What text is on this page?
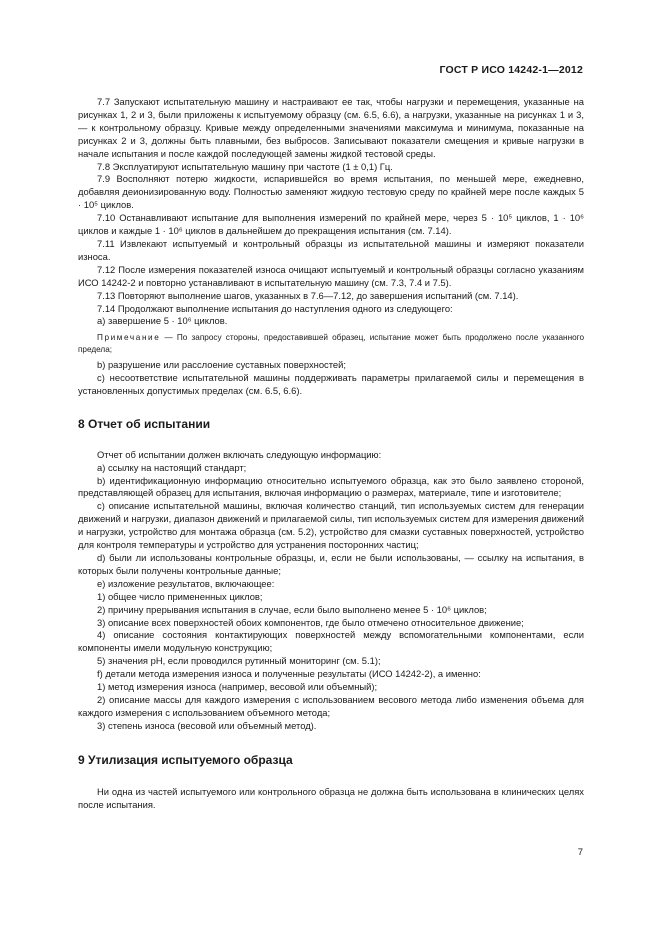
ГОСТ Р ИСО 14242-1—2012

7.7 Запускают испытательную машину и настраивают ее так, чтобы нагрузки и перемещения, указанные на рисунках 1, 2 и 3, были приложены к испытуемому образцу (см. 6.5, 6.6), а нагрузки, указанные на рисунках 1 и 3, — к контрольному образцу. Кривые между определенными значениями максимума и минимума, показанные на рисунках 2 и 3, должны быть плавными, без выбросов. Записывают показатели смещения и кривые нагрузки в начале испытания и после каждой последующей замены жидкой тестовой среды.

7.8 Эксплуатируют испытательную машину при частоте (1 ± 0,1) Гц.

7.9 Восполняют потерю жидкости, испарившейся во время испытания, по меньшей мере, ежедневно, добавляя деионизированную воду. Полностью заменяют жидкую тестовую среду по крайней мере после каждых 5 · 10⁵ циклов.

7.10 Останавливают испытание для выполнения измерений по крайней мере, через 5 · 10⁵ циклов, 1 · 10⁶ циклов и каждые 1 · 10⁶ циклов в дальнейшем до прекращения испытания (см. 7.14).

7.11 Извлекают испытуемый и контрольный образцы из испытательной машины и измеряют показатели износа.

7.12 После измерения показателей износа очищают испытуемый и контрольный образцы согласно указаниям ИСО 14242-2 и повторно устанавливают в испытательную машину (см. 7.3, 7.4 и 7.5).

7.13 Повторяют выполнение шагов, указанных в 7.6—7.12, до завершения испытаний (см. 7.14).

7.14 Продолжают выполнение испытания до наступления одного из следующего:

а) завершение 5 · 10⁶ циклов.

Примечание — По запросу стороны, предоставившей образец, испытание может быть продолжено после указанного предела;

b) разрушение или расслоение суставных поверхностей;

с) несоответствие испытательной машины поддерживать параметры прилагаемой силы и перемещения в установленных допустимых пределах (см. 6.5, 6.6).

8 Отчет об испытании

Отчет об испытании должен включать следующую информацию:

а) ссылку на настоящий стандарт;

b) идентификационную информацию относительно испытуемого образца, как это было заявлено стороной, представляющей образец для испытания, включая информацию о размерах, материале, типе и изготовителе;

с) описание испытательной машины, включая количество станций, тип используемых систем для генерации движений и нагрузки, диапазон движений и прилагаемой силы, тип используемых систем для измерения движений и нагрузки, устройство для монтажа образца (см. 5.2), устройство для смазки суставных поверхностей, устройство для контроля температуры и устройство для устранения посторонних частиц;

d) были ли использованы контрольные образцы, и, если не были использованы, — ссылку на испытания, в которых были получены контрольные данные;

е) изложение результатов, включающее:

1) общее число примененных циклов;

2) причину прерывания испытания в случае, если было выполнено менее 5 · 10⁶ циклов;

3) описание всех поверхностей обоих компонентов, где было отмечено относительное движение;

4) описание состояния контактирующих поверхностей между вспомогательными компонентами, если компоненты имели модульную конструкцию;

5) значения pH, если проводился рутинный мониторинг (см. 5.1);

f) детали метода измерения износа и полученные результаты (ИСО 14242-2), а именно:

1) метод измерения износа (например, весовой или объемный);

2) описание массы для каждого измерения с использованием весового метода либо изменения объема для каждого измерения с использованием объемного метода;

3) степень износа (весовой или объемный метод).

9 Утилизация испытуемого образца

Ни одна из частей испытуемого или контрольного образца не должна быть использована в клинических целях после испытания.

7
